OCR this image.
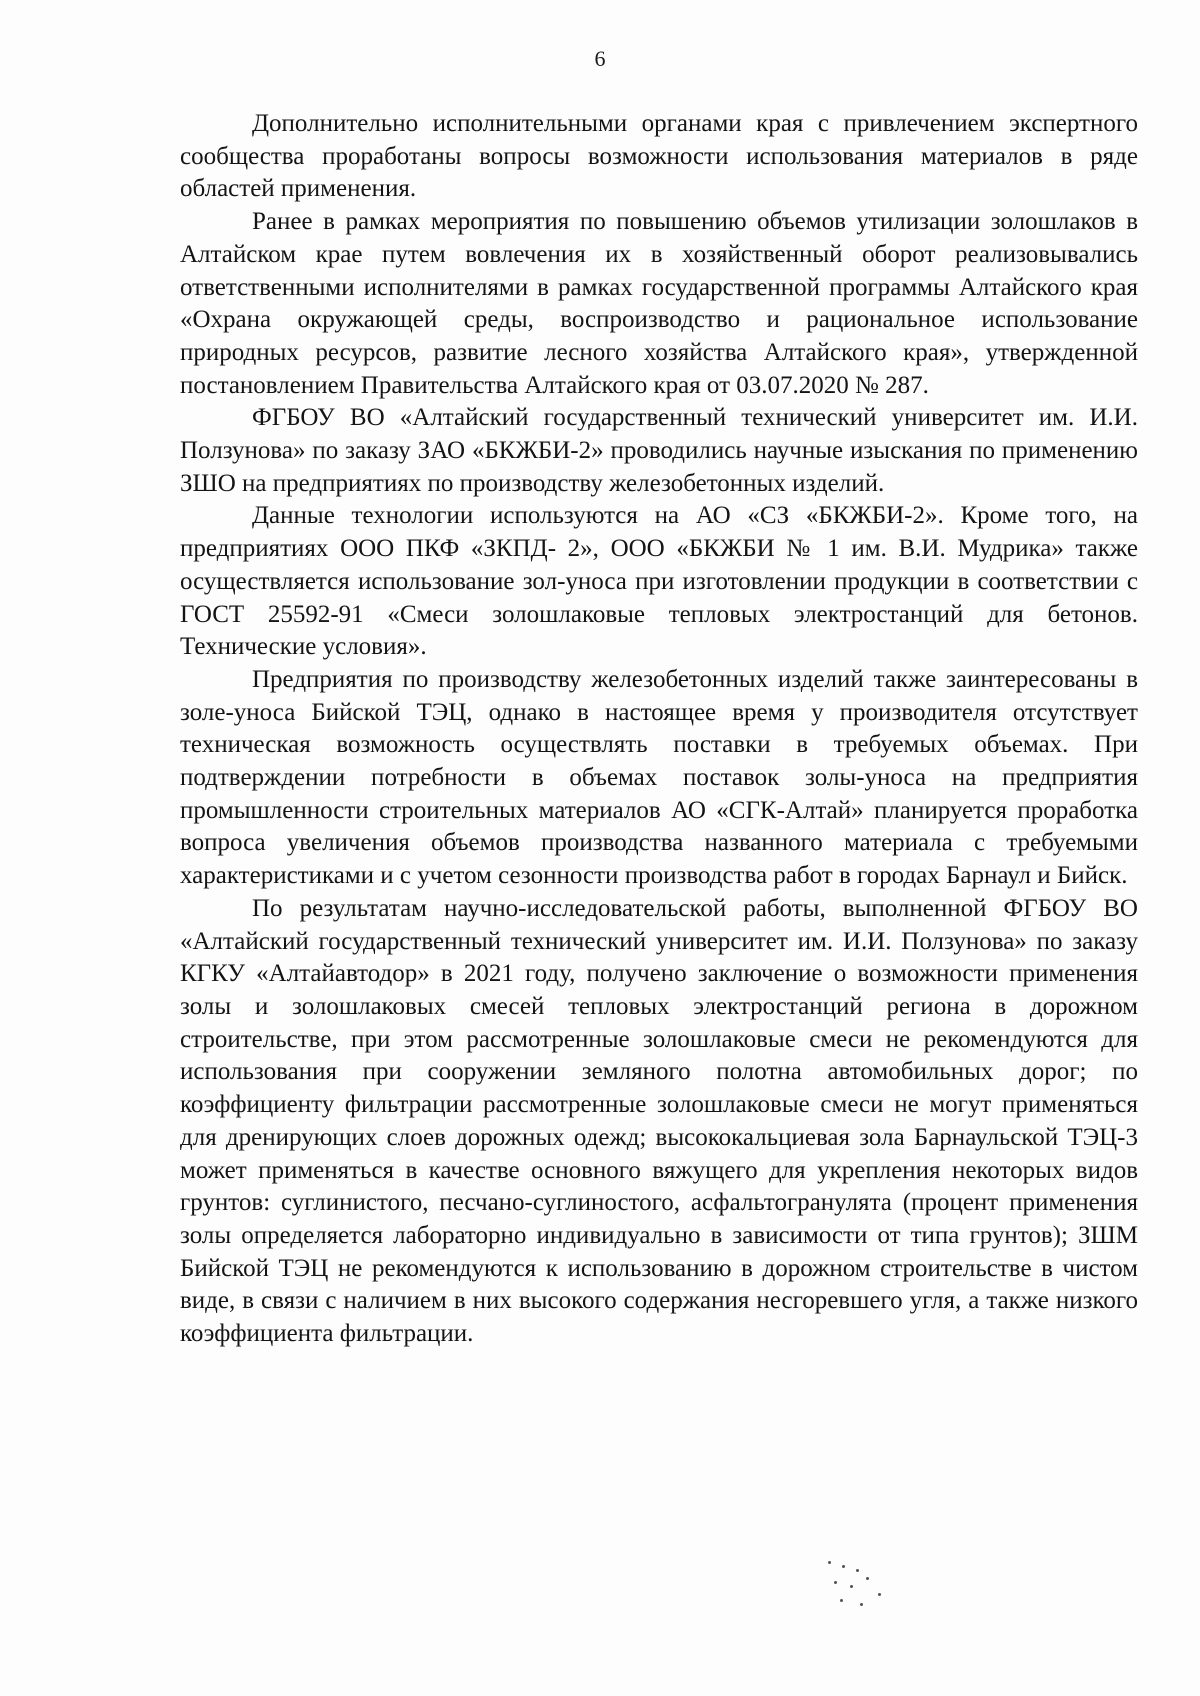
6

Дополнительно исполнительными органами края с привлечением экспертного сообщества проработаны вопросы возможности использования материалов в ряде областей применения.

Ранее в рамках мероприятия по повышению объемов утилизации золошлаков в Алтайском крае путем вовлечения их в хозяйственный оборот реализовывались ответственными исполнителями в рамках государственной программы Алтайского края «Охрана окружающей среды, воспроизводство и рациональное использование природных ресурсов, развитие лесного хозяйства Алтайского края», утвержденной постановлением Правительства Алтайского края от 03.07.2020 № 287.

ФГБОУ ВО «Алтайский государственный технический университет им. И.И. Ползунова» по заказу ЗАО «БКЖБИ-2» проводились научные изыскания по применению ЗШО на предприятиях по производству железобетонных изделий.

Данные технологии используются на АО «СЗ «БКЖБИ-2». Кроме того, на предприятиях ООО ПКФ «ЗКПД- 2», ООО «БКЖБИ № 1 им. В.И. Мудрика» также осуществляется использование зол-уноса при изготовлении продукции в соответствии с ГОСТ 25592-91 «Смеси золошлаковые тепловых электростанций для бетонов. Технические условия».

Предприятия по производству железобетонных изделий также заинтересованы в золе-уноса Бийской ТЭЦ, однако в настоящее время у производителя отсутствует техническая возможность осуществлять поставки в требуемых объемах. При подтверждении потребности в объемах поставок золы-уноса на предприятия промышленности строительных материалов АО «СГК-Алтай» планируется проработка вопроса увеличения объемов производства названного материала с требуемыми характеристиками и с учетом сезонности производства работ в городах Барнаул и Бийск.

По результатам научно-исследовательской работы, выполненной ФГБОУ ВО «Алтайский государственный технический университет им. И.И. Ползунова» по заказу КГКУ «Алтайавтодор» в 2021 году, получено заключение о возможности применения золы и золошлаковых смесей тепловых электростанций региона в дорожном строительстве, при этом рассмотренные золошлаковые смеси не рекомендуются для использования при сооружении земляного полотна автомобильных дорог; по коэффициенту фильтрации рассмотренные золошлаковые смеси не могут применяться для дренирующих слоев дорожных одежд; высококальциевая зола Барнаульской ТЭЦ-3 может применяться в качестве основного вяжущего для укрепления некоторых видов грунтов: суглинистого, песчано-суглиностого, асфальтогранулята (процент применения золы определяется лабораторно индивидуально в зависимости от типа грунтов); ЗШМ Бийской ТЭЦ не рекомендуются к использованию в дорожном строительстве в чистом виде, в связи с наличием в них высокого содержания несгоревшего угля, а также низкого коэффициента фильтрации.
